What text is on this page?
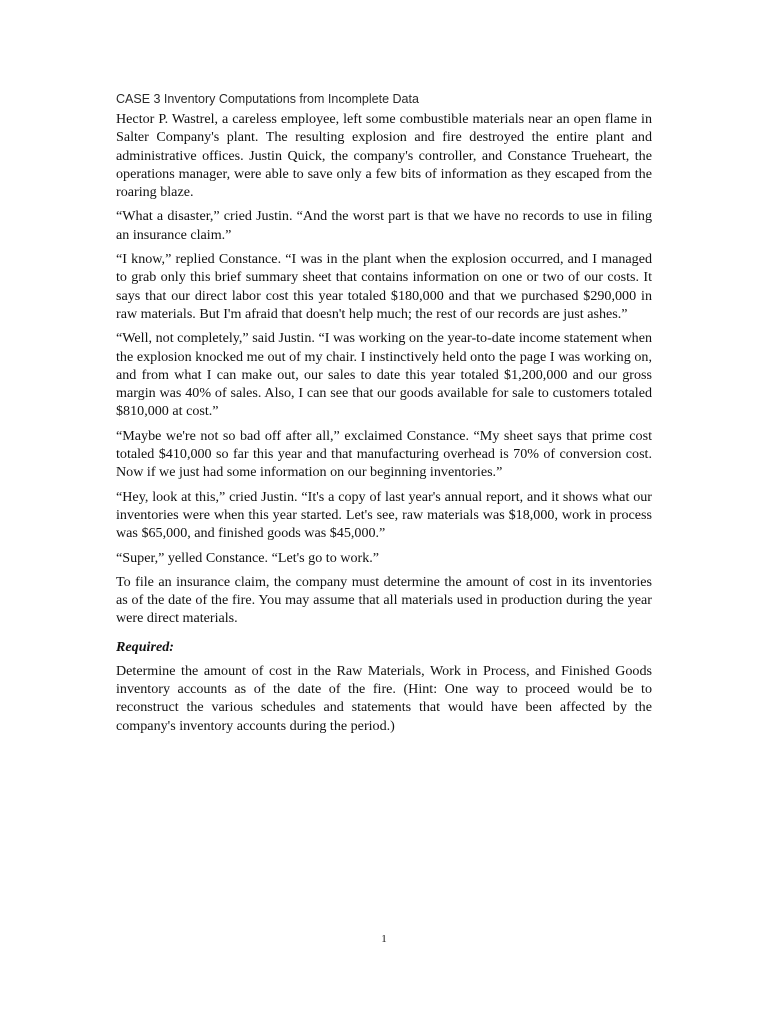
CASE 3 Inventory Computations from Incomplete Data

Hector P. Wastrel, a careless employee, left some combustible materials near an open flame in Salter Company's plant. The resulting explosion and fire destroyed the entire plant and administrative offices. Justin Quick, the company's controller, and Constance Trueheart, the operations manager, were able to save only a few bits of information as they escaped from the roaring blaze.

“What a disaster,” cried Justin. “And the worst part is that we have no records to use in filing an insurance claim.”

“I know,” replied Constance. “I was in the plant when the explosion occurred, and I managed to grab only this brief summary sheet that contains information on one or two of our costs. It says that our direct labor cost this year totaled $180,000 and that we purchased $290,000 in raw materials. But I'm afraid that doesn't help much; the rest of our records are just ashes.”

“Well, not completely,” said Justin. “I was working on the year-to-date income statement when the explosion knocked me out of my chair. I instinctively held onto the page I was working on, and from what I can make out, our sales to date this year totaled $1,200,000 and our gross margin was 40% of sales. Also, I can see that our goods available for sale to customers totaled $810,000 at cost.”

“Maybe we're not so bad off after all,” exclaimed Constance. “My sheet says that prime cost totaled $410,000 so far this year and that manufacturing overhead is 70% of conversion cost. Now if we just had some information on our beginning inventories.”

“Hey, look at this,” cried Justin. “It's a copy of last year's annual report, and it shows what our inventories were when this year started. Let's see, raw materials was $18,000, work in process was $65,000, and finished goods was $45,000.”

“Super,” yelled Constance. “Let's go to work.”

To file an insurance claim, the company must determine the amount of cost in its inventories as of the date of the fire. You may assume that all materials used in production during the year were direct materials.

Required:

Determine the amount of cost in the Raw Materials, Work in Process, and Finished Goods inventory accounts as of the date of the fire. (Hint: One way to proceed would be to reconstruct the various schedules and statements that would have been affected by the company's inventory accounts during the period.)

1
